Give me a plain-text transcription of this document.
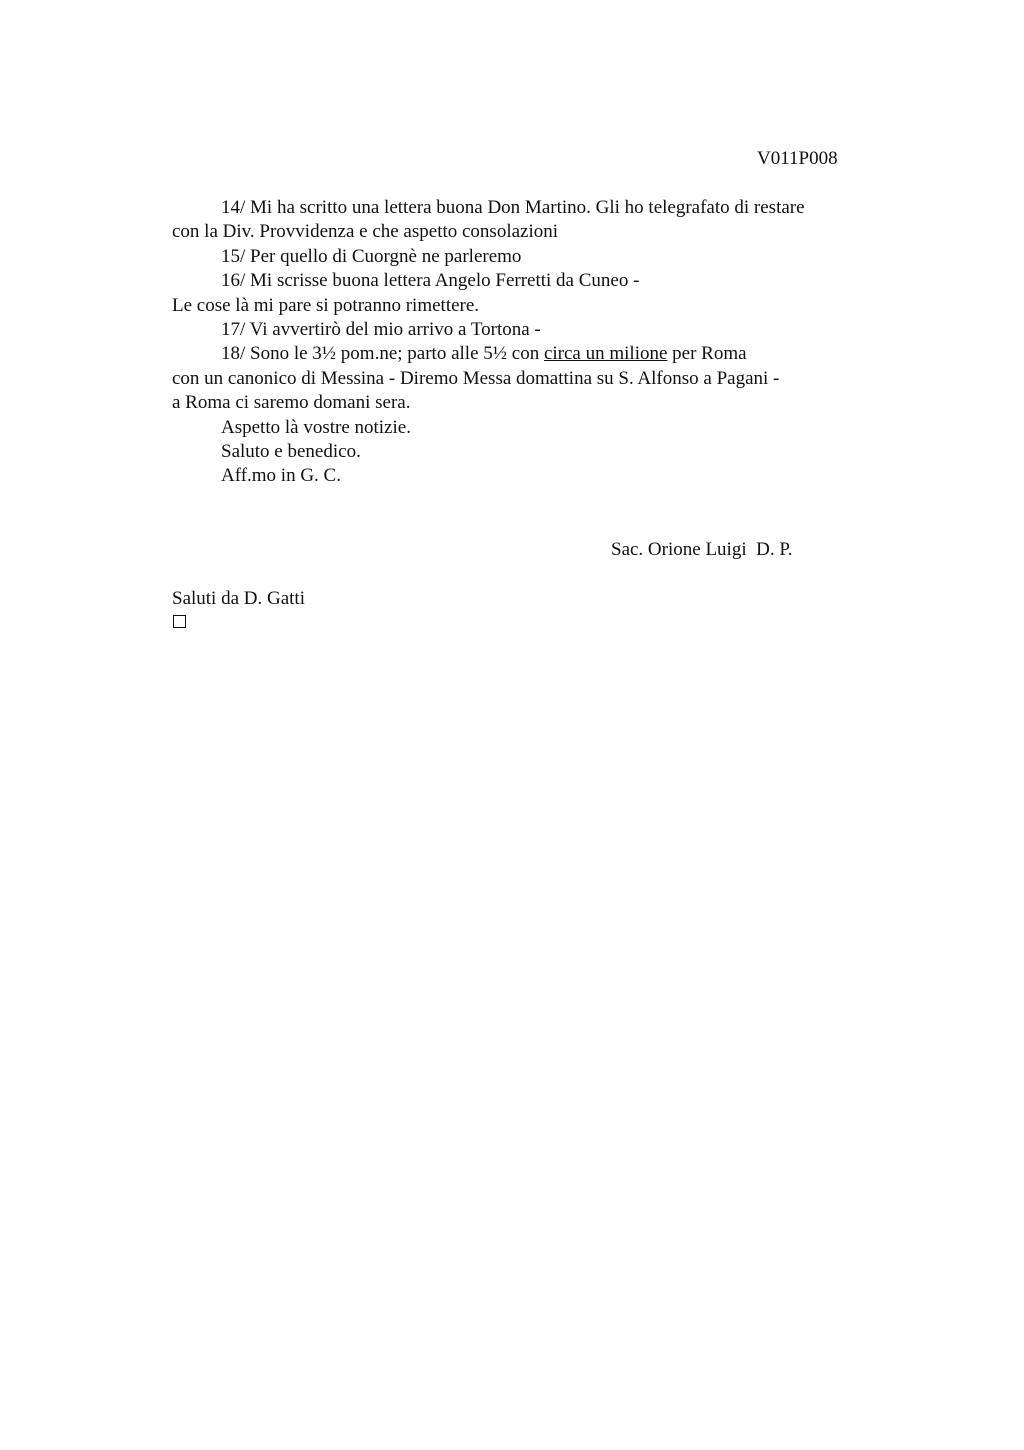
V011P008
14/ Mi ha scritto una lettera buona Don Martino. Gli ho telegrafato di restare
con la Div. Provvidenza e che aspetto consolazioni
15/ Per quello di Cuorgnè ne parleremo
16/ Mi scrisse buona lettera Angelo Ferretti da Cuneo -
Le cose là mi pare si potranno rimettere.
17/ Vi avvertirò del mio arrivo a Tortona -
18/ Sono le 3½ pom.ne; parto alle 5½ con circa un milione per Roma
con un canonico di Messina - Diremo Messa domattina su S. Alfonso a Pagani -
a Roma ci saremo domani sera.
Aspetto là vostre notizie.
Saluto e benedico.
Aff.mo in G. C.
Sac. Orione Luigi  D. P.
Saluti da D. Gatti
